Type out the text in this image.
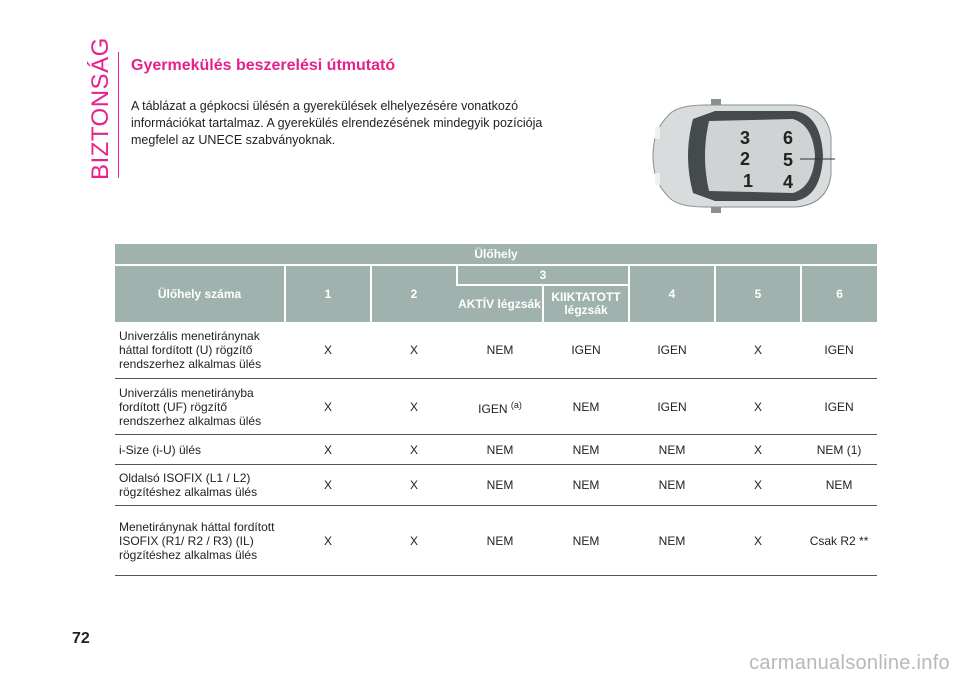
BIZTONSÁG Gyermekülés beszerelési útmutató
A táblázat a gépkocsi ülésén a gyerekülések elhelyezésére vonatkozó információkat tartalmaz. A gyerekülés elrendezésének mindegyik pozíciója megfelel az UNECE szabványoknak.	3 6
2 5
1 4
Ülőhely							
Ülőhely száma	1	2	3		4	5	6
			AKTÍV légzsák	KIIKTATOTT légzsák			
Univerzális menetiránynak háttal fordított (U) rögzítő rendszerhez alkalmas ülés	X	X	NEM	IGEN	IGEN	X	IGEN
Univerzális menetirányba fordított (UF) rögzítő rendszerhez alkalmas ülés	X	X	IGEN $^{(a)}$	NEM	IGEN	X	IGEN
i-Size (i-U) ülés	X	X	NEM	NEM	NEM	X	NEM (1)
Oldalsó ISOFIX (L1 / L2) rögzítéshez alkalmas ülés	X	X	NEM	NEM	NEM	X	NEM
Menetiránynak háttal fordított ISOFIX (R1/ R2 / R3) (IL) rögzítéshez alkalmas ülés	X	X	NEM	NEM	NEM	X	Csak R2 **
72
carmanualsonline.info
